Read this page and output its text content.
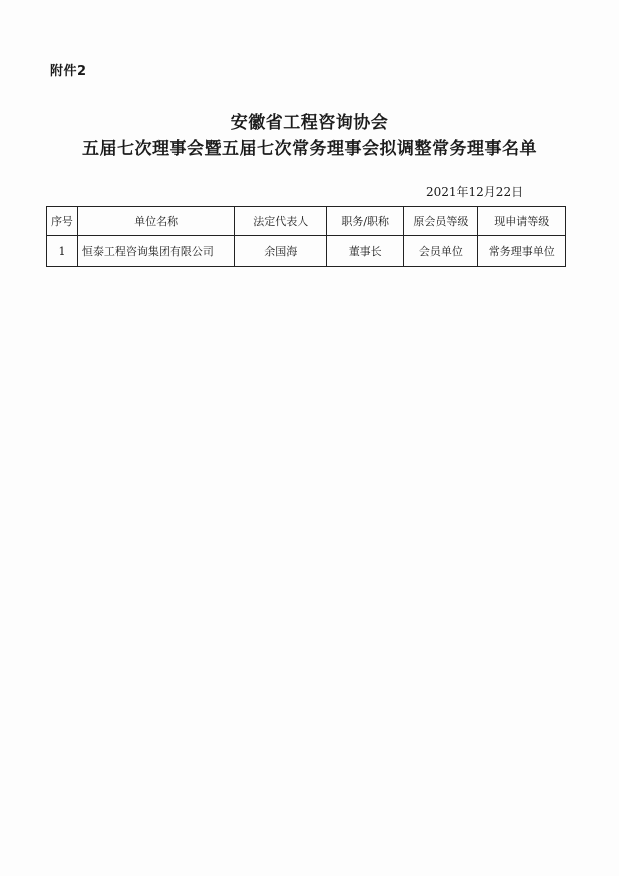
附件2
安徽省工程咨询协会
五届七次理事会暨五届七次常务理事会拟调整常务理事名单
2021年12月22日
序号	单位名称	法定代表人	职务/职称	原会员等级	现申请等级
1	恒泰工程咨询集团有限公司	余国海	董事长	会员单位	常务理事单位
